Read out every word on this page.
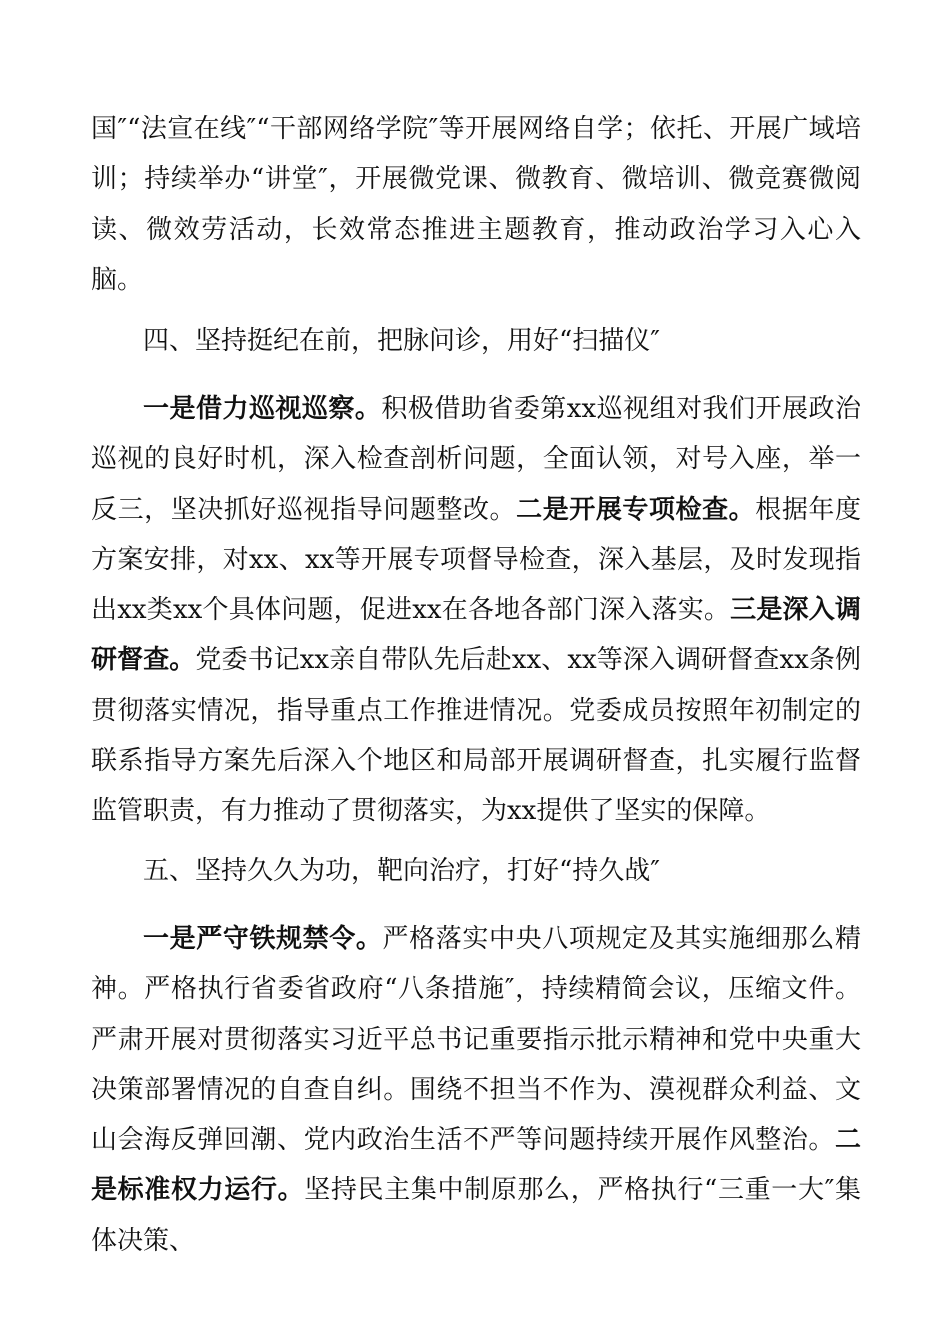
国″“法宣在线″“干部网络学院″等开展网络自学；依托、开展广域培训；持续举办“讲堂″，开展微党课、微教育、微培训、微竞赛微阅读、微效劳活动，长效常态推进主题教育，推动政治学习入心入脑。

四、坚持挺纪在前，把脉问诊，用好“扫描仪″

一是借力巡视巡察。积极借助省委第xx巡视组对我们开展政治巡视的良好时机，深入检查剖析问题，全面认领，对号入座，举一反三，坚决抓好巡视指导问题整改。二是开展专项检查。根据年度方案安排，对xx、xx等开展专项督导检查，深入基层，及时发现指出xx类xx个具体问题，促进xx在各地各部门深入落实。三是深入调研督查。党委书记xx亲自带队先后赴xx、xx等深入调研督查xx条例贯彻落实情况，指导重点工作推进情况。党委成员按照年初制定的联系指导方案先后深入个地区和局部开展调研督查，扎实履行监督监管职责，有力推动了贯彻落实，为xx提供了坚实的保障。

五、坚持久久为功，靶向治疗，打好“持久战″

一是严守铁规禁令。严格落实中央八项规定及其实施细那么精神。严格执行省委省政府“八条措施″，持续精简会议，压缩文件。严肃开展对贯彻落实习近平总书记重要指示批示精神和党中央重大决策部署情况的自查自纠。围绕不担当不作为、漠视群众利益、文山会海反弹回潮、党内政治生活不严等问题持续开展作风整治。二是标准权力运行。坚持民主集中制原那么，严格执行“三重一大″集体决策、
